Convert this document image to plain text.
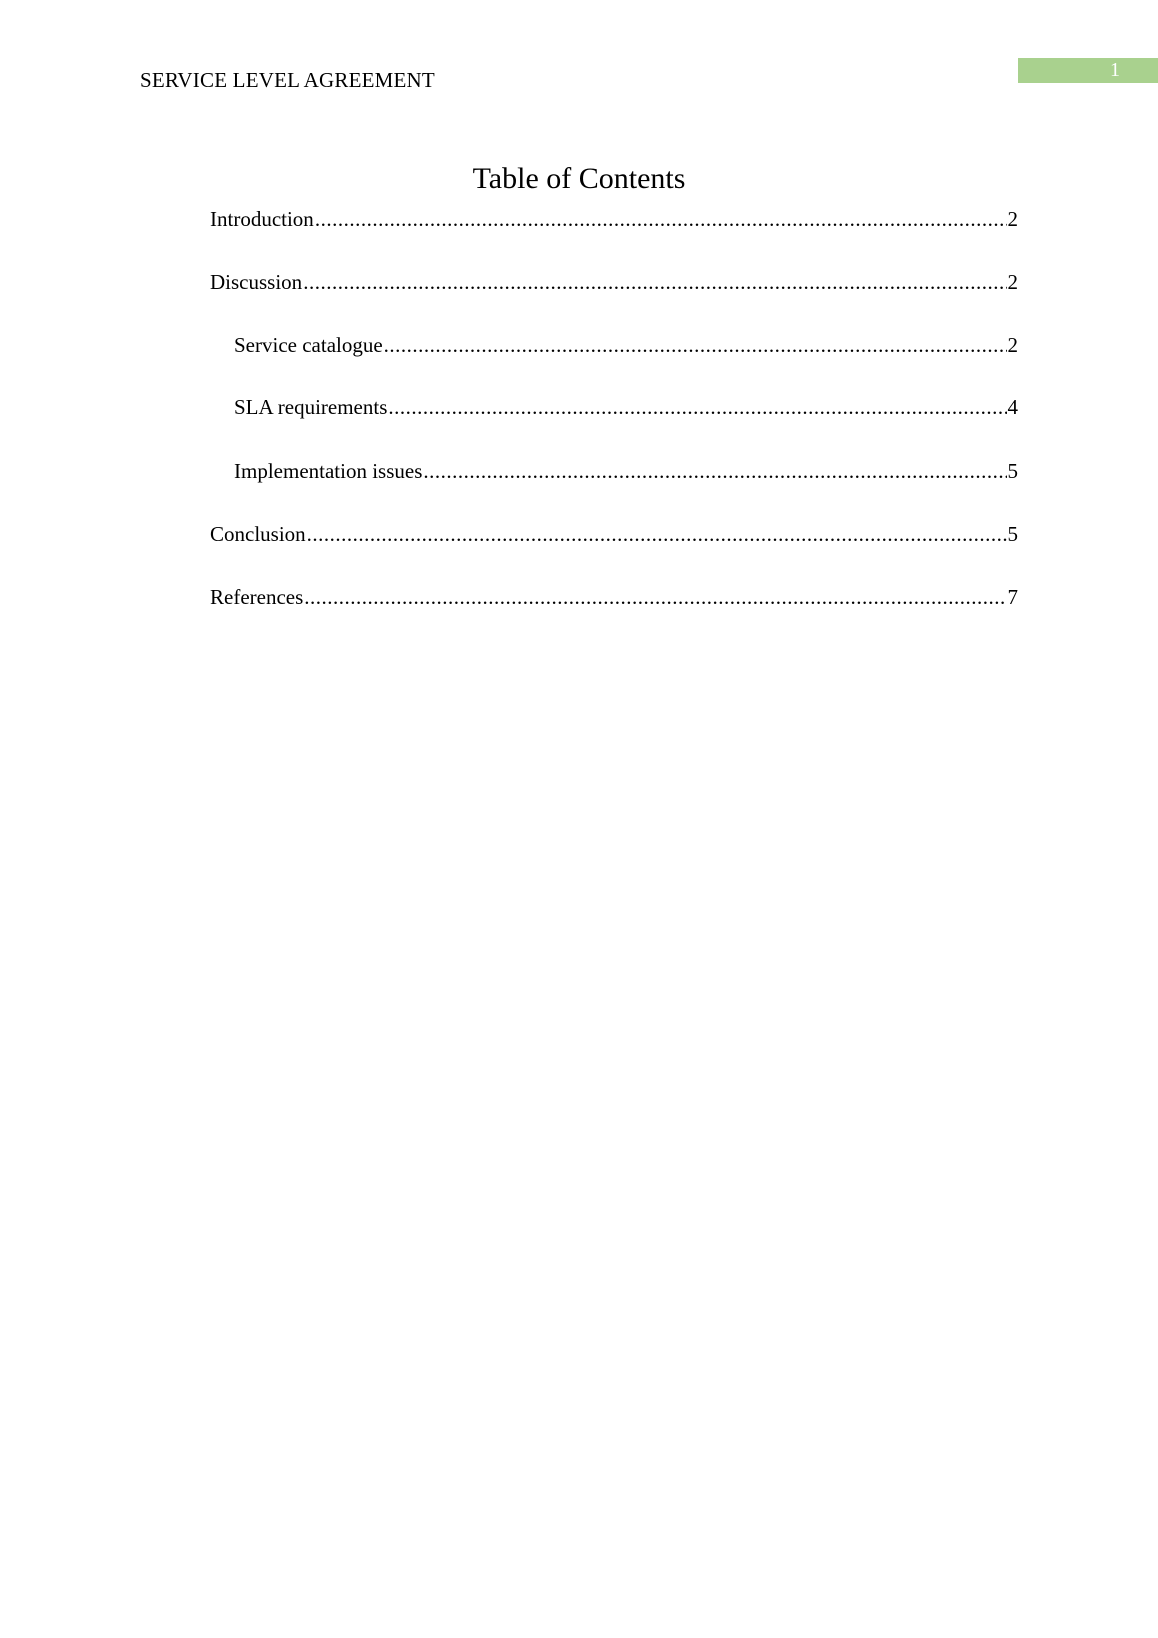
SERVICE LEVEL AGREEMENT	1
Table of Contents
Introduction .....	2
Discussion .....	2
Service catalogue .....	2
SLA requirements .....	4
Implementation issues .....	5
Conclusion .....	5
References .....	7
